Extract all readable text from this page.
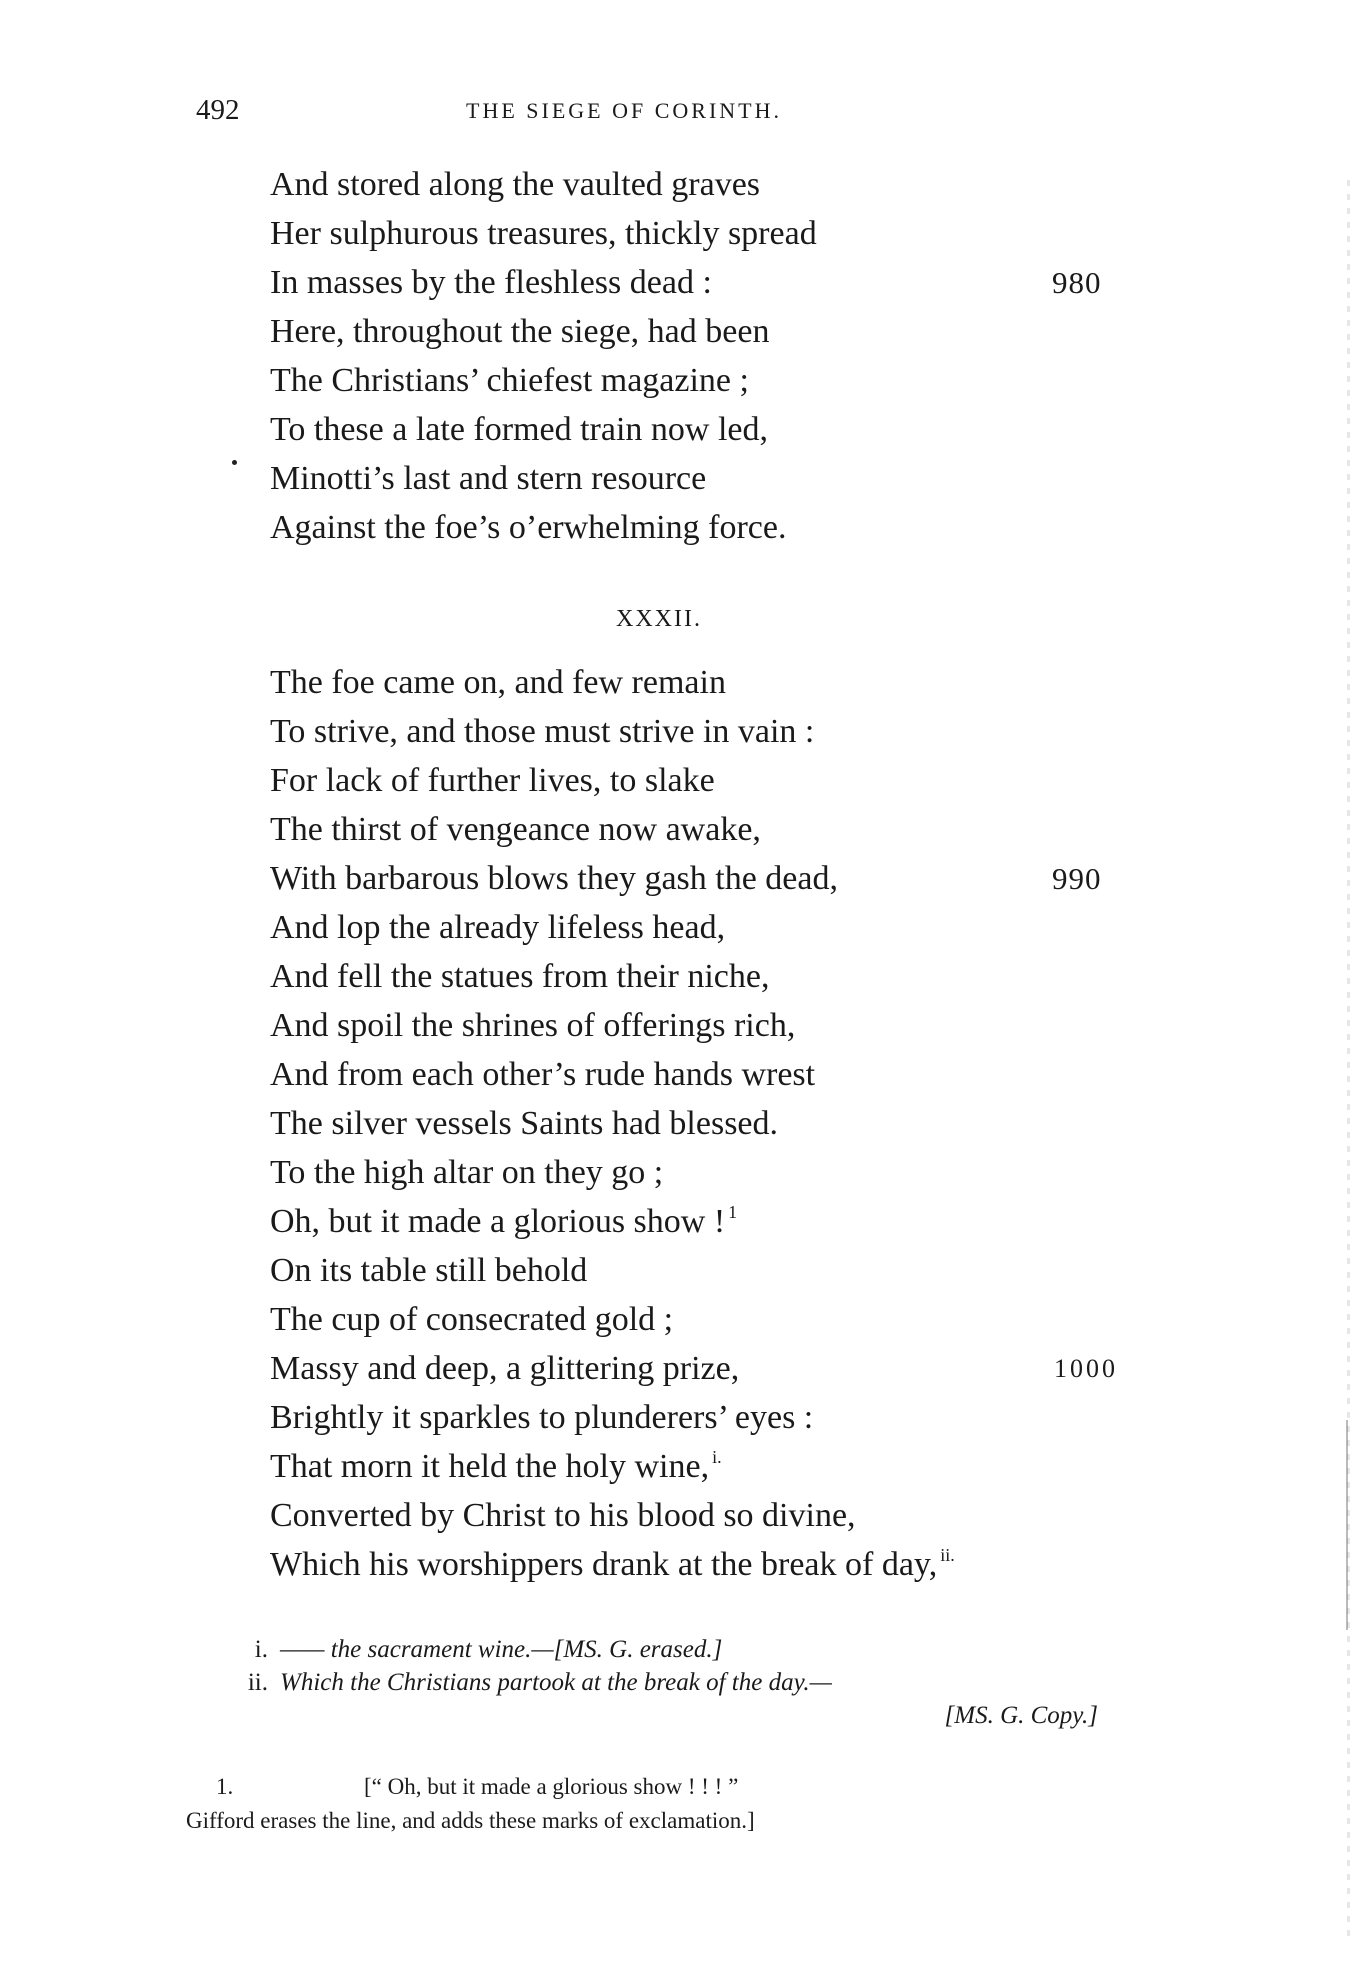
492	THE SIEGE OF CORINTH.
And stored along the vaulted graves
Her sulphurous treasures, thickly spread
In masses by the fleshless dead :	980
Here, throughout the siege, had been
The Christians’ chiefest magazine ;
To these a late formed train now led,
Minotti’s last and stern resource
Against the foe’s o’erwhelming force.
XXXII.
The foe came on, and few remain
To strive, and those must strive in vain :
For lack of further lives, to slake
The thirst of vengeance now awake,
With barbarous blows they gash the dead,	990
And lop the already lifeless head,
And fell the statues from their niche,
And spoil the shrines of offerings rich,
And from each other’s rude hands wrest
The silver vessels Saints had blessed.
To the high altar on they go ;
Oh, but it made a glorious show ! $^1$
On its table still behold
The cup of consecrated gold ;
Massy and deep, a glittering prize,	1000
Brightly it sparkles to plunderers’ eyes :
That morn it held the holy wine, $^{i.}$
Converted by Christ to his blood so divine,
Which his worshippers drank at the break of day, $^{ii.}$
i. —— the sacrament wine.—[MS. G. erased.]
ii. Which the Christians partook at the break of the day.—
[MS. G. Copy.]
1.	[“ Oh, but it made a glorious show ! ! ! ”
Gifford erases the line, and adds these marks of exclamation.]
